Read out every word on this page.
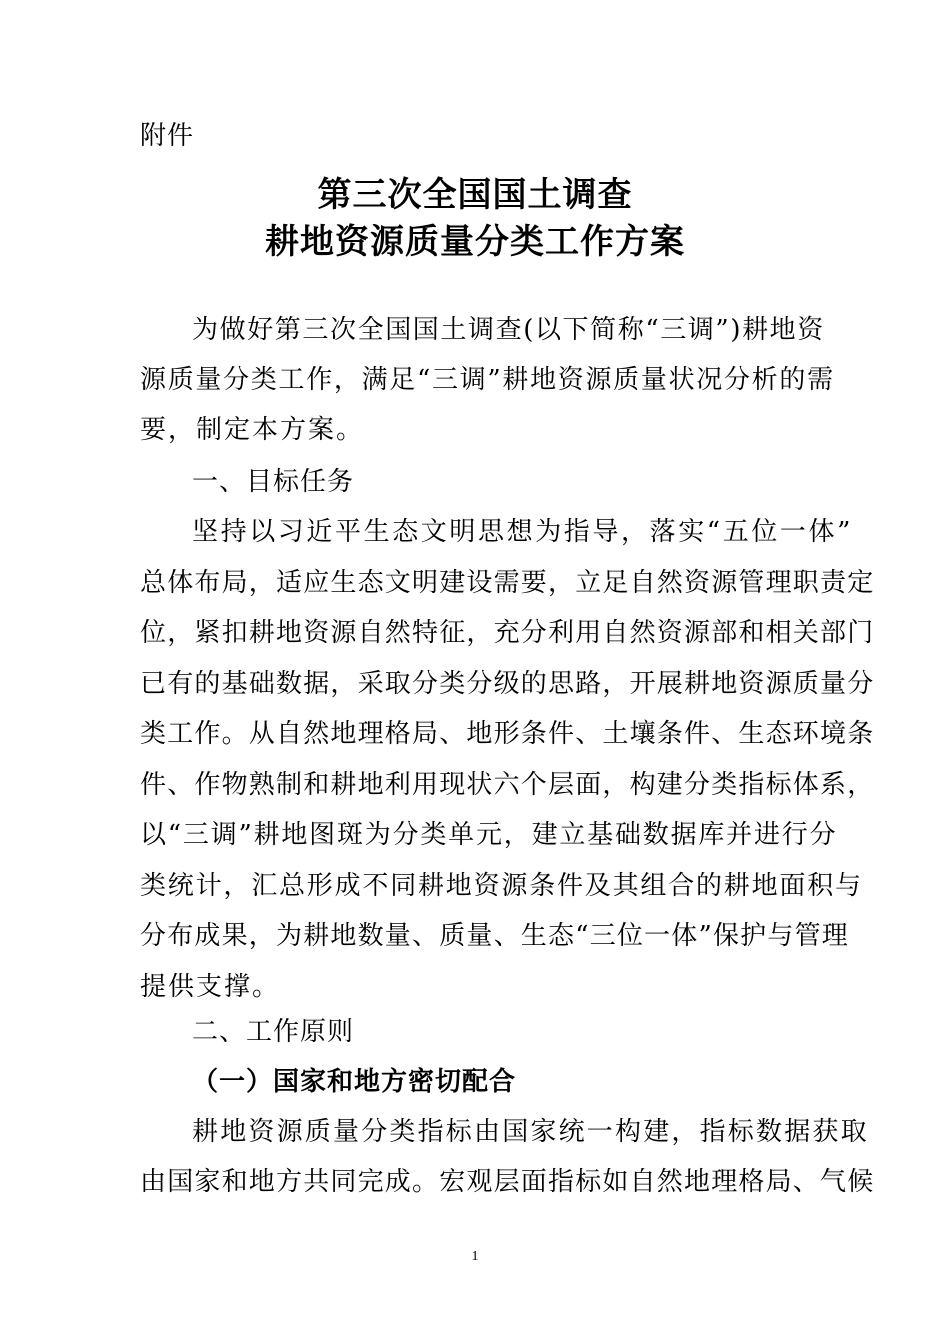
附件
第三次全国国土调查
耕地资源质量分类工作方案
为做好第三次全国国土调查(以下简称“三调”)耕地资
源质量分类工作，满足“三调”耕地资源质量状况分析的需
要，制定本方案。
一、目标任务
坚持以习近平生态文明思想为指导，落实“五位一体”
总体布局，适应生态文明建设需要，立足自然资源管理职责定
位，紧扣耕地资源自然特征，充分利用自然资源部和相关部门
已有的基础数据，采取分类分级的思路，开展耕地资源质量分
类工作。从自然地理格局、地形条件、土壤条件、生态环境条
件、作物熟制和耕地利用现状六个层面，构建分类指标体系，
以“三调”耕地图斑为分类单元，建立基础数据库并进行分
类统计，汇总形成不同耕地资源条件及其组合的耕地面积与
分布成果，为耕地数量、质量、生态“三位一体”保护与管理
提供支撑。
二、工作原则
（一）国家和地方密切配合
耕地资源质量分类指标由国家统一构建，指标数据获取
由国家和地方共同完成。宏观层面指标如自然地理格局、气候
1
